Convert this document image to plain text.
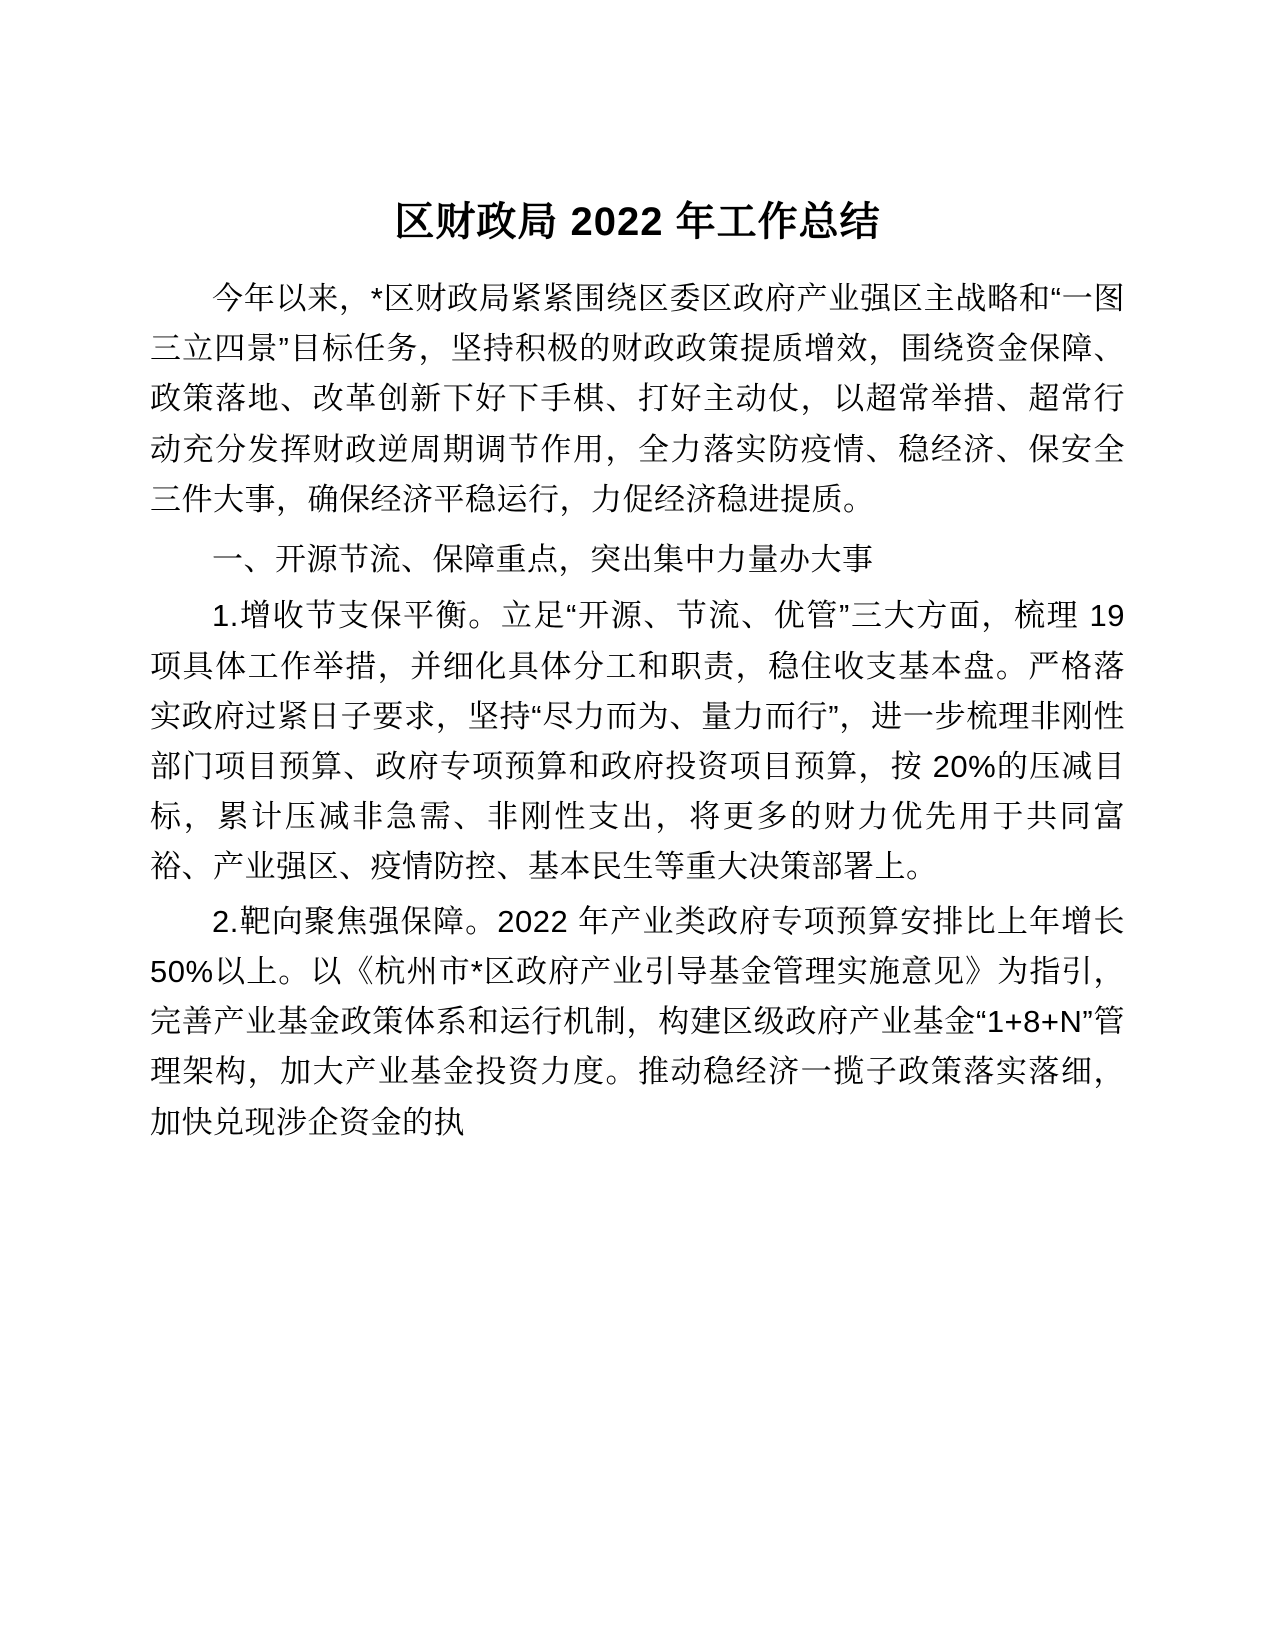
区财政局 2022 年工作总结

今年以来，*区财政局紧紧围绕区委区政府产业强区主战略和“一图三立四景”目标任务，坚持积极的财政政策提质增效，围绕资金保障、政策落地、改革创新下好下手棋、打好主动仗，以超常举措、超常行动充分发挥财政逆周期调节作用，全力落实防疫情、稳经济、保安全三件大事，确保经济平稳运行，力促经济稳进提质。

一、开源节流、保障重点，突出集中力量办大事

1.增收节支保平衡。立足“开源、节流、优管”三大方面，梳理 19 项具体工作举措，并细化具体分工和职责，稳住收支基本盘。严格落实政府过紧日子要求，坚持“尽力而为、量力而行”，进一步梳理非刚性部门项目预算、政府专项预算和政府投资项目预算，按 20%的压减目标，累计压减非急需、非刚性支出，将更多的财力优先用于共同富裕、产业强区、疫情防控、基本民生等重大决策部署上。

2.靶向聚焦强保障。2022 年产业类政府专项预算安排比上年增长 50%以上。以《杭州市*区政府产业引导基金管理实施意见》为指引，完善产业基金政策体系和运行机制，构建区级政府产业基金“1+8+N”管理架构，加大产业基金投资力度。推动稳经济一揽子政策落实落细，加快兑现涉企资金的执
